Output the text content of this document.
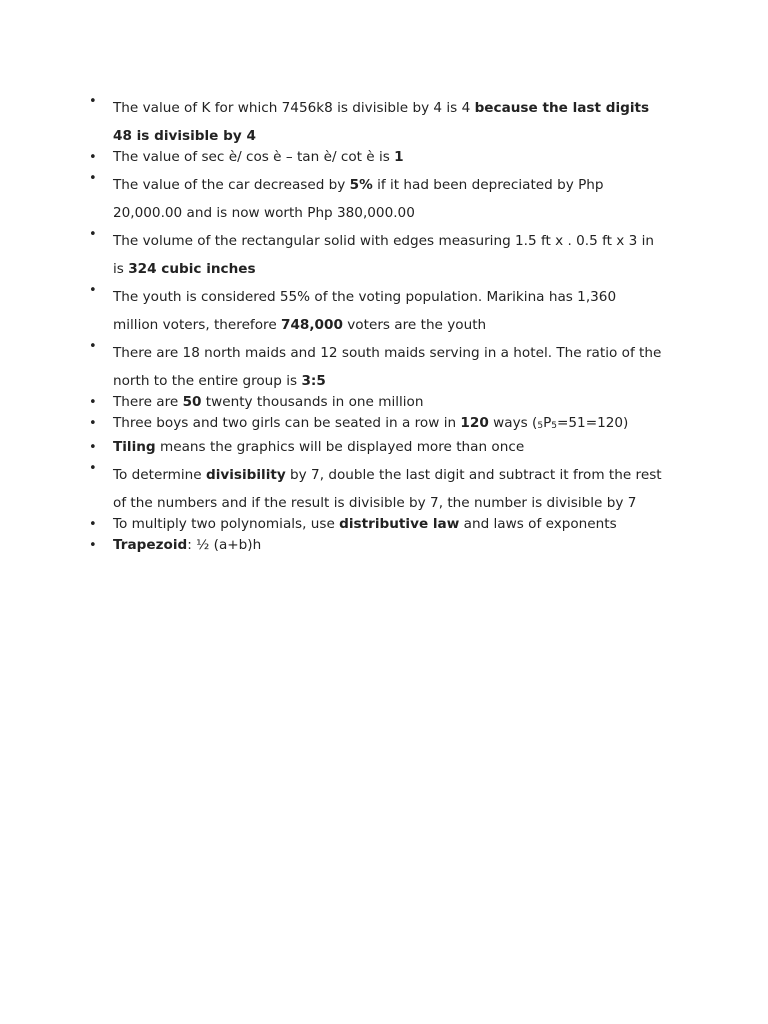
• The value of K for which 7456k8 is divisible by 4 is 4 because the last digits
48 is divisible by 4
• The value of sec è/ cos è – tan è/ cot è is 1
• The value of the car decreased by 5% if it had been depreciated by Php
20,000.00 and is now worth Php 380,000.00
• The volume of the rectangular solid with edges measuring 1.5 ft x . 0.5 ft x 3 in
is 324 cubic inches
• The youth is considered 55% of the voting population. Marikina has 1,360
million voters, therefore 748,000 voters are the youth
• There are 18 north maids and 12 south maids serving in a hotel. The ratio of the
north to the entire group is 3:5
• There are 50 twenty thousands in one million
• Three boys and two girls can be seated in a row in 120 ways (5P5=51=120)
• Tiling means the graphics will be displayed more than once
• To determine divisibility by 7, double the last digit and subtract it from the rest
of the numbers and if the result is divisible by 7, the number is divisible by 7
• To multiply two polynomials, use distributive law and laws of exponents
• Trapezoid: ½ (a+b)h
